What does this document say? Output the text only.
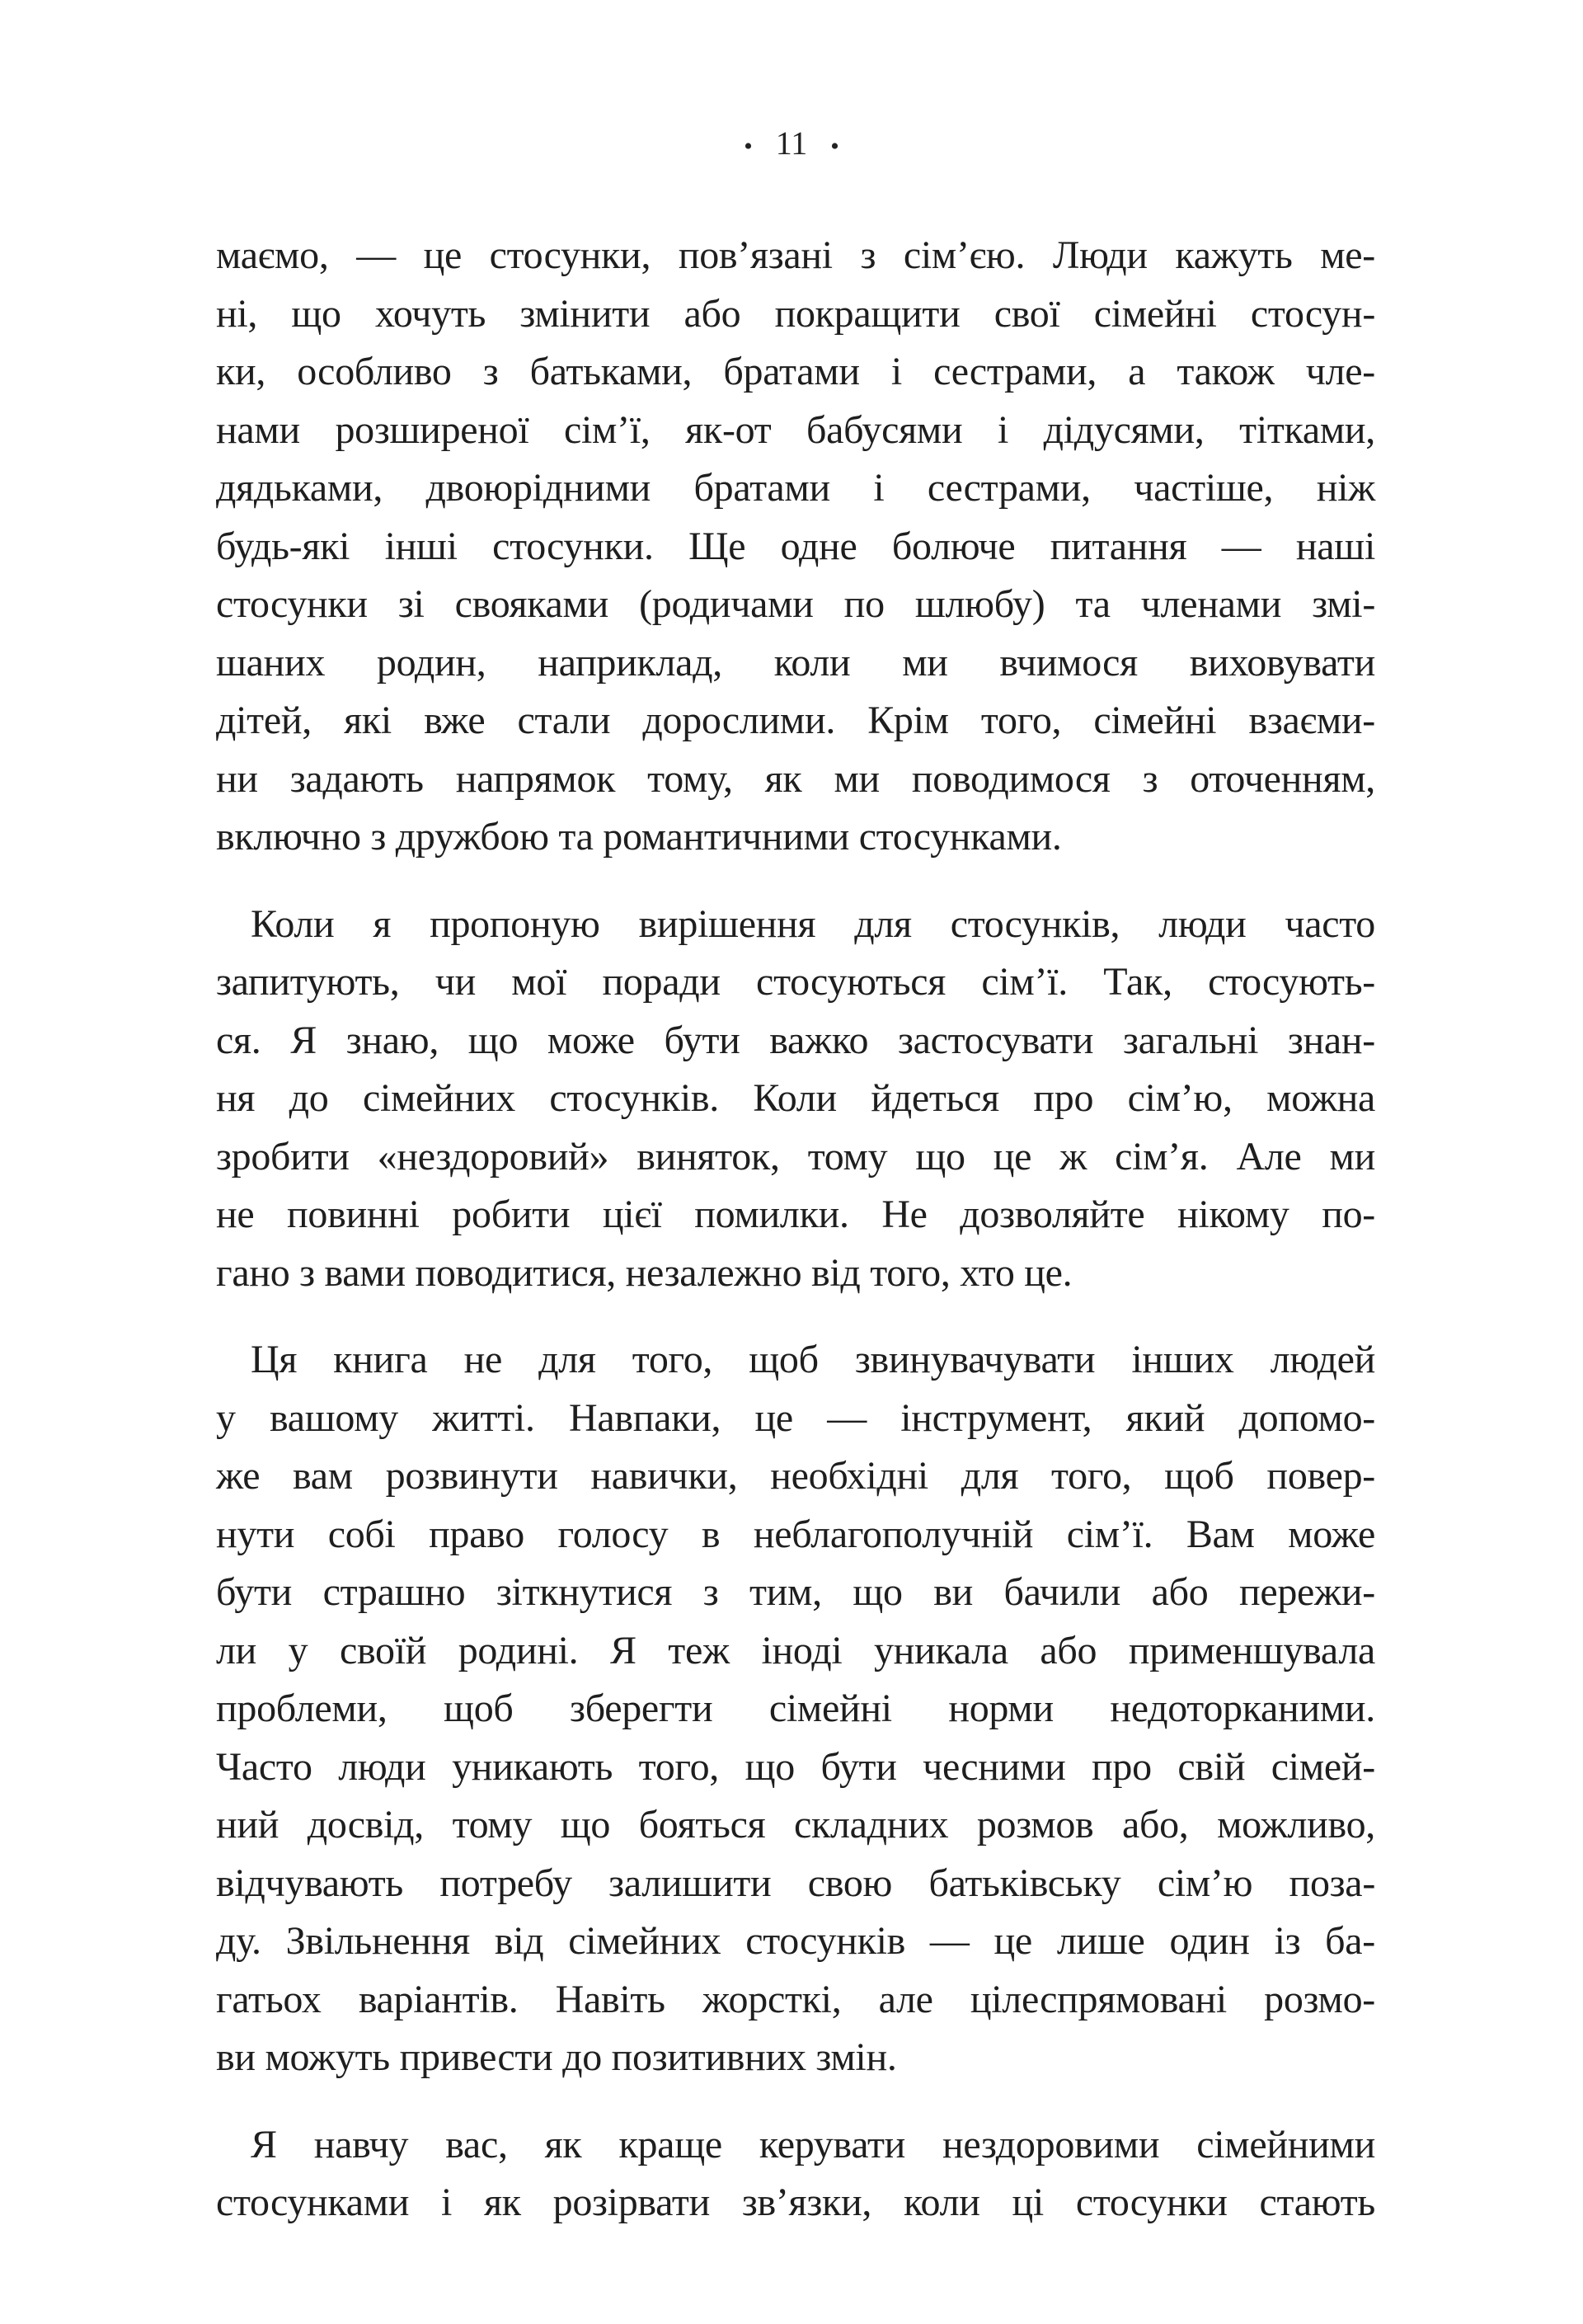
• 11 •
маємо, — це стосунки, пов’язані з сім’єю. Люди кажуть ме-
ні, що хочуть змінити або покращити свої сімейні стосун-
ки, особливо з батьками, братами і сестрами, а також чле-
нами розширеної сім’ї, як-от бабусями і дідусями, тітками,
дядьками, двоюрідними братами і сестрами, частіше, ніж
будь-які інші стосунки. Ще одне болюче питання — наші
стосунки зі свояками (родичами по шлюбу) та членами змі-
шаних родин, наприклад, коли ми вчимося виховувати
дітей, які вже стали дорослими. Крім того, сімейні взаєми-
ни задають напрямок тому, як ми поводимося з оточенням,
включно з дружбою та романтичними стосунками.
Коли я пропоную вирішення для стосунків, люди часто
запитують, чи мої поради стосуються сім’ї. Так, стосують-
ся. Я знаю, що може бути важко застосувати загальні знан-
ня до сімейних стосунків. Коли йдеться про сім’ю, можна
зробити «нездоровий» виняток, тому що це ж сім’я. Але ми
не повинні робити цієї помилки. Не дозволяйте нікому по-
гано з вами поводитися, незалежно від того, хто це.
Ця книга не для того, щоб звинувачувати інших людей
у вашому житті. Навпаки, це — інструмент, який допомо-
же вам розвинути навички, необхідні для того, щоб повер-
нути собі право голосу в неблагополучній сім’ї. Вам може
бути страшно зіткнутися з тим, що ви бачили або пережи-
ли у своїй родині. Я теж іноді уникала або применшувала
проблеми, щоб зберегти сімейні норми недоторканими.
Часто люди уникають того, що бути чесними про свій сімей-
ний досвід, тому що бояться складних розмов або, можливо,
відчувають потребу залишити свою батьківську сім’ю поза-
ду. Звільнення від сімейних стосунків — це лише один із ба-
гатьох варіантів. Навіть жорсткі, але цілеспрямовані розмо-
ви можуть привести до позитивних змін.
Я навчу вас, як краще керувати нездоровими сімейними
стосунками і як розірвати зв’язки, коли ці стосунки стають
